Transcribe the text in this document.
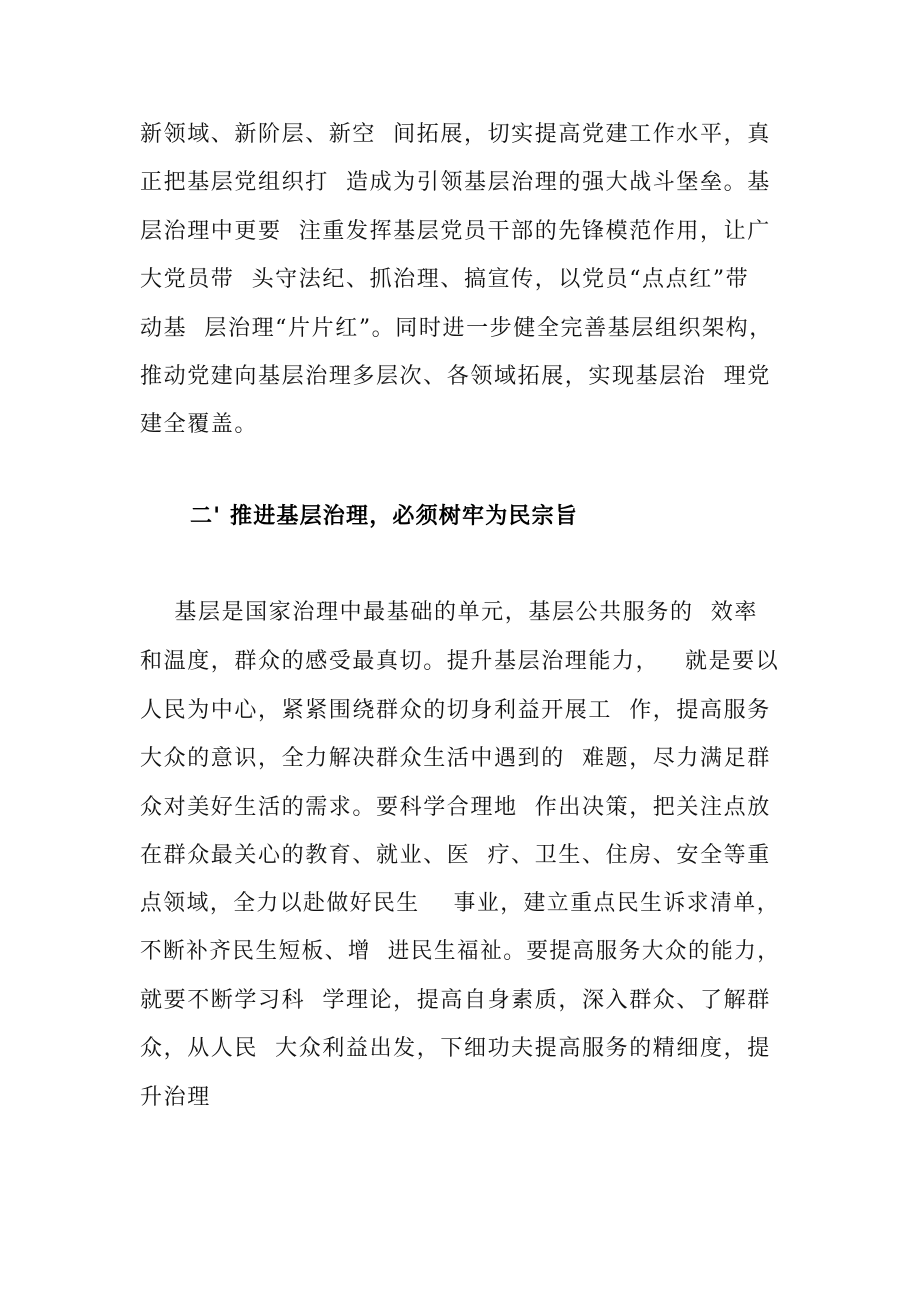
新领域、新阶层、新空  间拓展，切实提高党建工作水平，真
正把基层党组织打  造成为引领基层治理的强大战斗堡垒。基
层治理中更要  注重发挥基层党员干部的先锋模范作用，让广
大党员带  头守法纪、抓治理、搞宣传，以党员“点点红”带
动基  层治理“片片红”。同时进一步健全完善基层组织架构，
推动党建向基层治理多层次、各领域拓展，实现基层治  理党
建全覆盖。
二' 推进基层治理，必须树牢为民宗旨
基层是国家治理中最基础的单元，基层公共服务的  效率
和温度，群众的感受最真切。提升基层治理能力，   就是要以
人民为中心，紧紧围绕群众的切身利益开展工  作，提高服务
大众的意识，全力解决群众生活中遇到的  难题，尽力满足群
众对美好生活的需求。要科学合理地  作出决策，把关注点放
在群众最关心的教育、就业、医  疗、卫生、住房、安全等重
点领域，全力以赴做好民生    事业，建立重点民生诉求清单，
不断补齐民生短板、增  进民生福祉。要提高服务大众的能力，
就要不断学习科  学理论，提高自身素质，深入群众、了解群
众，从人民  大众利益出发，下细功夫提高服务的精细度，提
升治理
